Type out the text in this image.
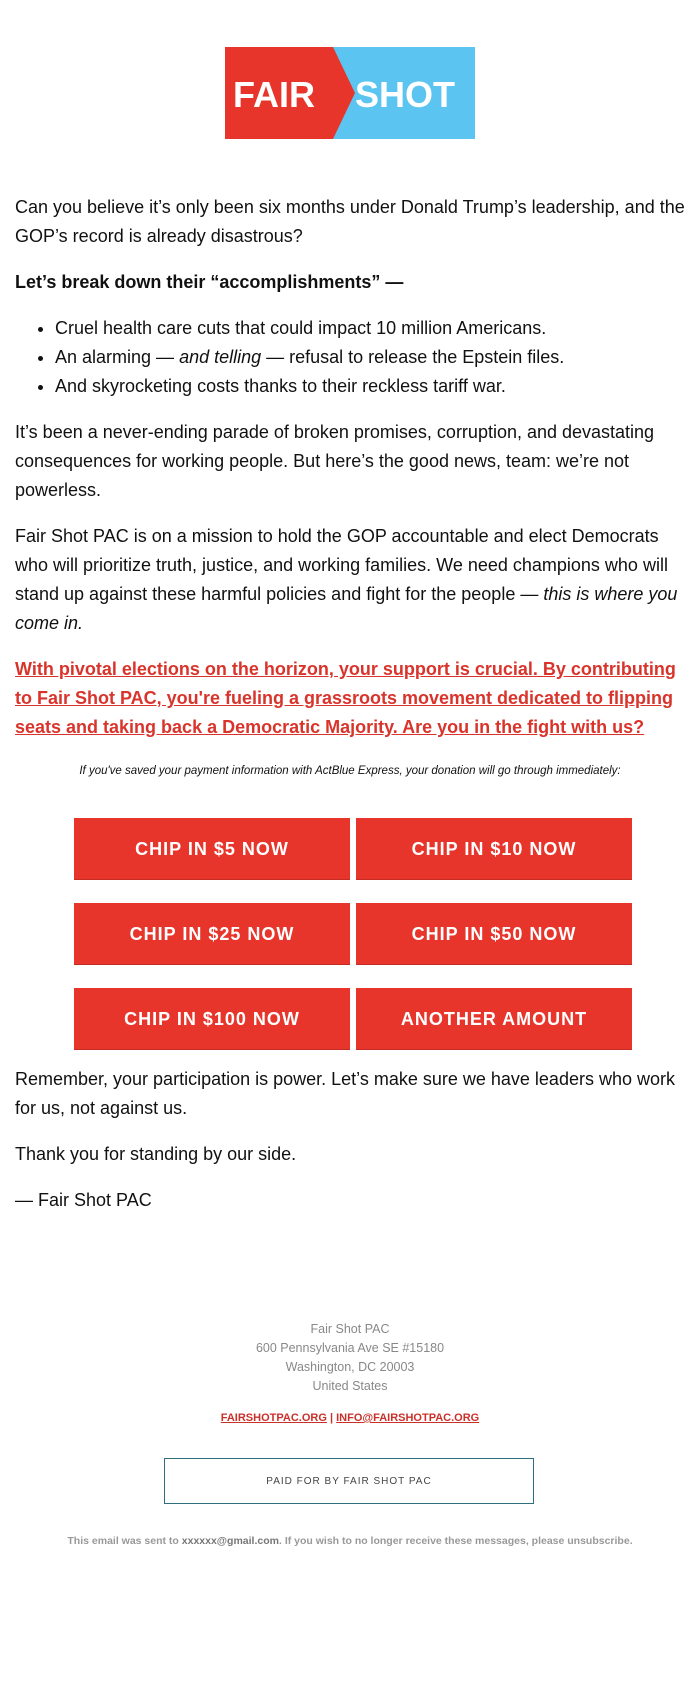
FAIR SHOT

Can you believe it’s only been six months under Donald Trump’s leadership, and the GOP’s record is already disastrous?

Let’s break down their “accomplishments” —

• Cruel health care cuts that could impact 10 million Americans.
• An alarming — and telling — refusal to release the Epstein files.
• And skyrocketing costs thanks to their reckless tariff war.

It’s been a never-ending parade of broken promises, corruption, and devastating consequences for working people. But here’s the good news, team: we’re not powerless.

Fair Shot PAC is on a mission to hold the GOP accountable and elect Democrats who will prioritize truth, justice, and working families. We need champions who will stand up against these harmful policies and fight for the people — this is where you come in.

With pivotal elections on the horizon, your support is crucial. By contributing to Fair Shot PAC, you're fueling a grassroots movement dedicated to flipping seats and taking back a Democratic Majority. Are you in the fight with us?

If you've saved your payment information with ActBlue Express, your donation will go through immediately:
CHIP IN $5 NOW	CHIP IN $10 NOW
CHIP IN $25 NOW	CHIP IN $50 NOW
CHIP IN $100 NOW	ANOTHER AMOUNT

Remember, your participation is power. Let’s make sure we have leaders who work for us, not against us.

Thank you for standing by our side.

— Fair Shot PAC

Fair Shot PAC
600 Pennsylvania Ave SE #15180
Washington, DC 20003
United States
FAIRSHOTPAC.ORG | INFO@FAIRSHOTPAC.ORG
PAID FOR BY FAIR SHOT PAC
This email was sent to xxxxxx@gmail.com. If you wish to no longer receive these messages, please unsubscribe.
